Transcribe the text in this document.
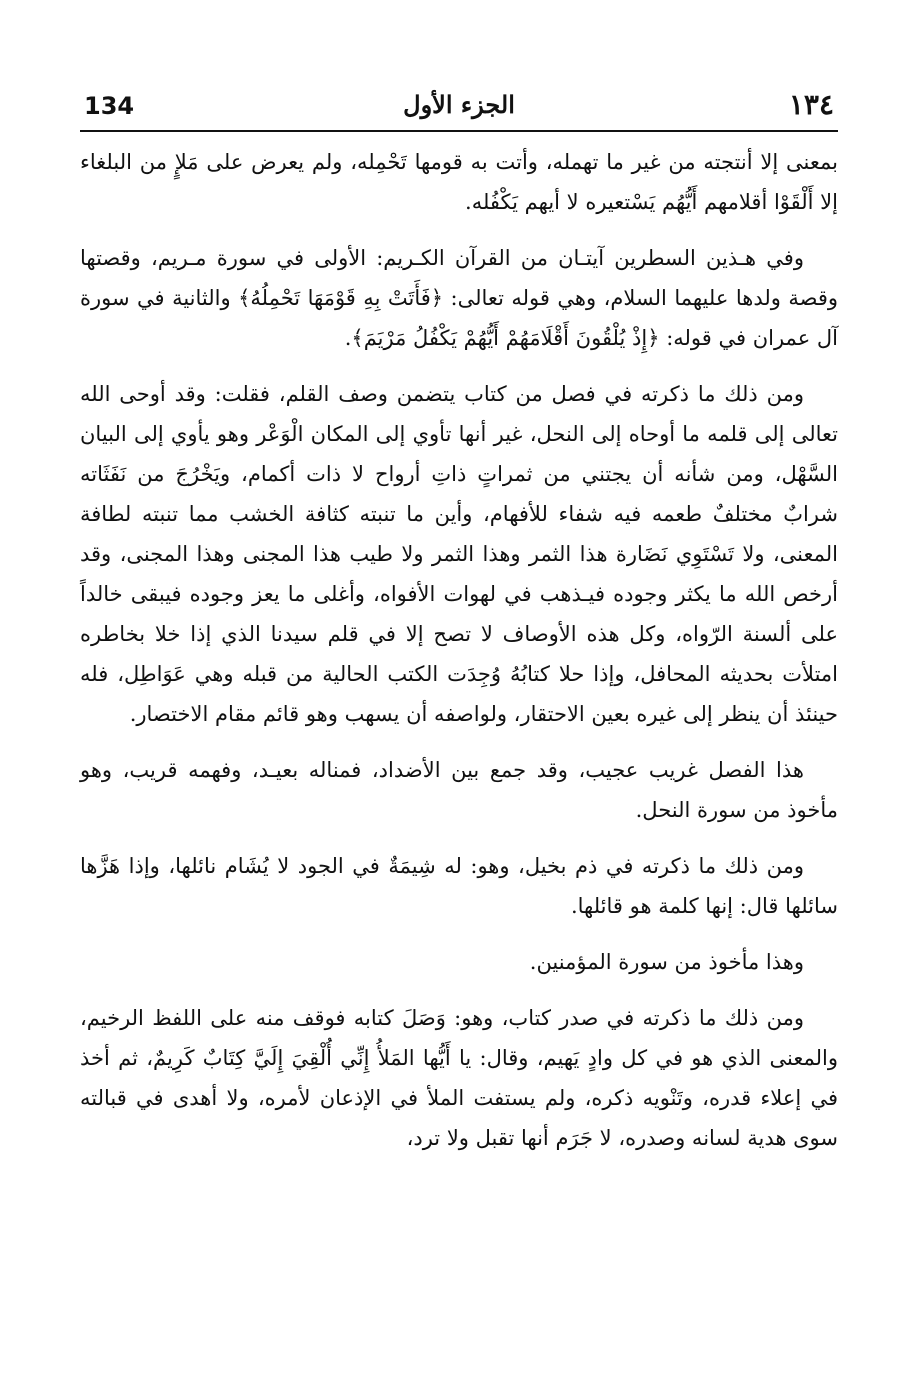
134	الجزء الأول	١٣٤

بمعنى إلا أنتجته من غير ما تهمله، وأتت به قومها تَحْمِله، ولم يعرض على مَلإٍ من البلغاء إلا أَلْقَوْا أقلامهم أَيُّهُم يَسْتعيره لا أيهم يَكْفُله.

وفي هـذين السطرين آيتـان من القرآن الكـريم: الأولى في سورة مـريم، وقصتها وقصة ولدها عليهما السلام، وهي قوله تعالى: ﴿فَأَتَتْ بِهِ قَوْمَهَا تَحْمِلُهُ﴾ والثانية في سورة آل عمران في قوله: ﴿إِذْ يُلْقُونَ أَقْلَامَهُمْ أَيُّهُمْ يَكْفُلُ مَرْيَمَ﴾.

ومن ذلك ما ذكرته في فصل من كتاب يتضمن وصف القلم، فقلت: وقد أوحى الله تعالى إلى قلمه ما أوحاه إلى النحل، غير أنها تأوي إلى المكان الْوَعْر وهو يأوي إلى البيان السَّهْل، ومن شأنه أن يجتني من ثمراتٍ ذاتِ أرواح لا ذات أكمام، ويَخْرُجَ من نَفَثَاته شرابٌ مختلفٌ طعمه فيه شفاء للأفهام، وأين ما تنبته كثافة الخشب مما تنبته لطافة المعنى، ولا تَسْتَوِي نَضَارة هذا الثمر وهذا الثمر ولا طيب هذا المجنى وهذا المجنى، وقد أرخص الله ما يكثر وجوده فيـذهب في لهوات الأفواه، وأغلى ما يعز وجوده فيبقى خالداً على ألسنة الرّواه، وكل هذه الأوصاف لا تصح إلا في قلم سيدنا الذي إذا خلا بخاطره امتلأت بحديثه المحافل، وإذا حلا كتابُهُ وُجِدَت الكتب الحالية من قبله وهي عَوَاطِل، فله حينئذ أن ينظر إلى غيره بعين الاحتقار، ولواصفه أن يسهب وهو قائم مقام الاختصار.

هذا الفصل غريب عجيب، وقد جمع بين الأضداد، فمناله بعيـد، وفهمه قريب، وهو مأخوذ من سورة النحل.

ومن ذلك ما ذكرته في ذم بخيل، وهو: له شِيمَةٌ في الجود لا يُشَام نائلها، وإذا هَزَّها سائلها قال: إنها كلمة هو قائلها.

وهذا مأخوذ من سورة المؤمنين.

ومن ذلك ما ذكرته في صدر كتاب، وهو: وَصَلَ كتابه فوقف منه على اللفظ الرخيم، والمعنى الذي هو في كل وادٍ يَهيم، وقال: يا أَيُّها المَلأُ إِنِّي أُلْقِيَ إِلَيَّ كِتَابٌ كَرِيمٌ، ثم أخذ في إعلاء قدره، وتَنْويه ذكره، ولم يستفت الملأ في الإذعان لأمره، ولا أهدى في قبالته سوى هدية لسانه وصدره، لا جَرَم أنها تقبل ولا ترد،
